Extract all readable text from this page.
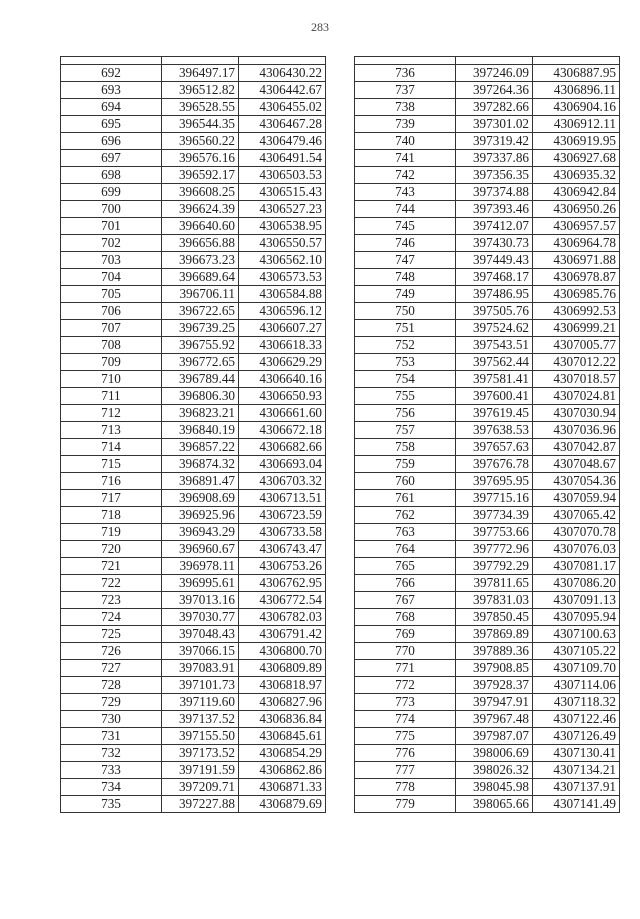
283

692	396497.17	4306430.22
693	396512.82	4306442.67
694	396528.55	4306455.02
695	396544.35	4306467.28
696	396560.22	4306479.46
697	396576.16	4306491.54
698	396592.17	4306503.53
699	396608.25	4306515.43
700	396624.39	4306527.23
701	396640.60	4306538.95
702	396656.88	4306550.57
703	396673.23	4306562.10
704	396689.64	4306573.53
705	396706.11	4306584.88
706	396722.65	4306596.12
707	396739.25	4306607.27
708	396755.92	4306618.33
709	396772.65	4306629.29
710	396789.44	4306640.16
711	396806.30	4306650.93
712	396823.21	4306661.60
713	396840.19	4306672.18
714	396857.22	4306682.66
715	396874.32	4306693.04
716	396891.47	4306703.32
717	396908.69	4306713.51
718	396925.96	4306723.59
719	396943.29	4306733.58
720	396960.67	4306743.47
721	396978.11	4306753.26
722	396995.61	4306762.95
723	397013.16	4306772.54
724	397030.77	4306782.03
725	397048.43	4306791.42
726	397066.15	4306800.70
727	397083.91	4306809.89
728	397101.73	4306818.97
729	397119.60	4306827.96
730	397137.52	4306836.84
731	397155.50	4306845.61
732	397173.52	4306854.29
733	397191.59	4306862.86
734	397209.71	4306871.33
735	397227.88	4306879.69

736	397246.09	4306887.95
737	397264.36	4306896.11
738	397282.66	4306904.16
739	397301.02	4306912.11
740	397319.42	4306919.95
741	397337.86	4306927.68
742	397356.35	4306935.32
743	397374.88	4306942.84
744	397393.46	4306950.26
745	397412.07	4306957.57
746	397430.73	4306964.78
747	397449.43	4306971.88
748	397468.17	4306978.87
749	397486.95	4306985.76
750	397505.76	4306992.53
751	397524.62	4306999.21
752	397543.51	4307005.77
753	397562.44	4307012.22
754	397581.41	4307018.57
755	397600.41	4307024.81
756	397619.45	4307030.94
757	397638.53	4307036.96
758	397657.63	4307042.87
759	397676.78	4307048.67
760	397695.95	4307054.36
761	397715.16	4307059.94
762	397734.39	4307065.42
763	397753.66	4307070.78
764	397772.96	4307076.03
765	397792.29	4307081.17
766	397811.65	4307086.20
767	397831.03	4307091.13
768	397850.45	4307095.94
769	397869.89	4307100.63
770	397889.36	4307105.22
771	397908.85	4307109.70
772	397928.37	4307114.06
773	397947.91	4307118.32
774	397967.48	4307122.46
775	397987.07	4307126.49
776	398006.69	4307130.41
777	398026.32	4307134.21
778	398045.98	4307137.91
779	398065.66	4307141.49
